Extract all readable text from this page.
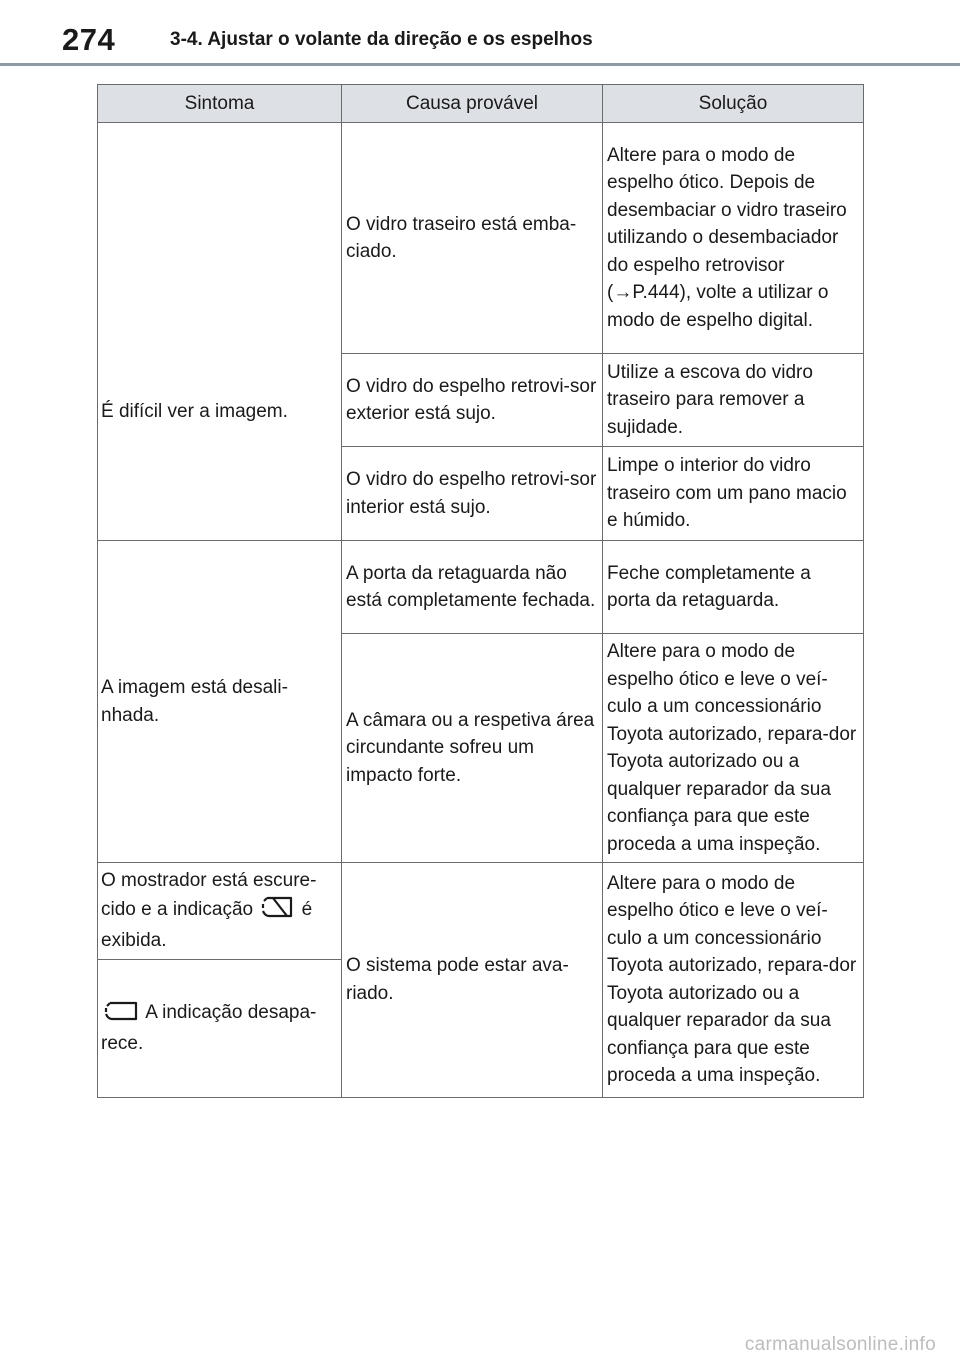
274	3-4. Ajustar o volante da direção e os espelhos
Sintoma	Causa provável	Solução

É difícil ver a imagem.	O vidro traseiro está emba-ciado.	Altere para o modo de espelho ótico. Depois de desembaciar o vidro traseiro utilizando o desembaciador do espelho retrovisor (→P.444), volte a utilizar o modo de espelho digital.
	O vidro do espelho retrovi-sor exterior está sujo.	Utilize a escova do vidro traseiro para remover a sujidade.
	O vidro do espelho retrovi-sor interior está sujo.	Limpe o interior do vidro traseiro com um pano macio e húmido.
A imagem está desali-nhada.	A porta da retaguarda não está completamente fechada.	Feche completamente a porta da retaguarda.
	A câmara ou a respetiva área circundante sofreu um impacto forte.	Altere para o modo de espelho ótico e leve o veí-culo a um concessionário Toyota autorizado, repara-dor Toyota autorizado ou a qualquer reparador da sua confiança para que este proceda a uma inspeção.
O mostrador está escure-cido e a indicação é exibida.	O sistema pode estar ava-riado.	Altere para o modo de espelho ótico e leve o veí-culo a um concessionário Toyota autorizado, repara-dor Toyota autorizado ou a qualquer reparador da sua confiança para que este proceda a uma inspeção.
A indicação desapa-rece.		
carmanualsonline.info
